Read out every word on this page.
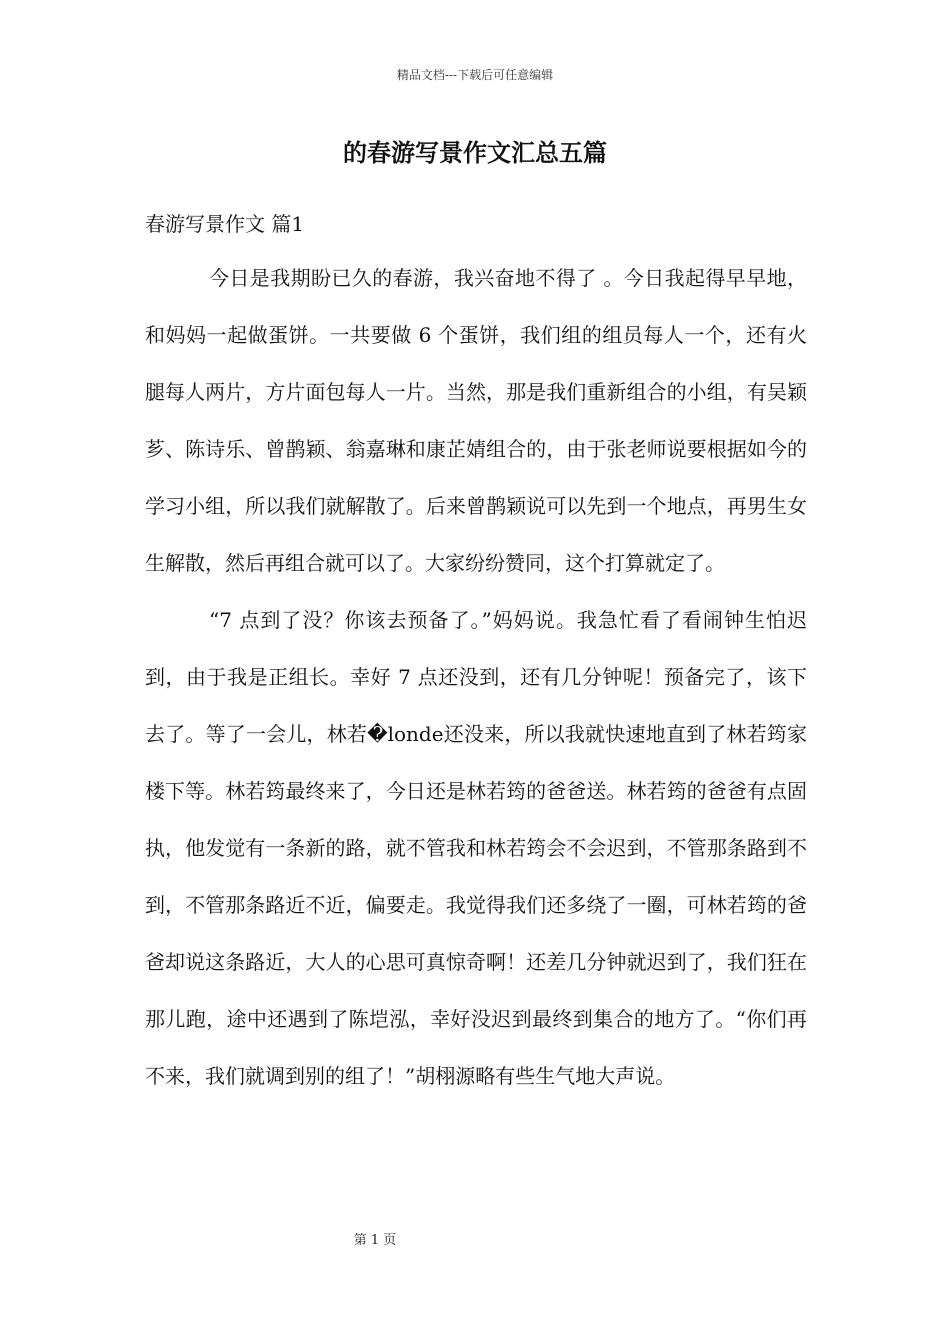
精品文档---下载后可任意编辑
的春游写景作文汇总五篇
春游写景作文 篇1

今日是我期盼已久的春游，我兴奋地不得了 。今日我起得早早地，和妈妈一起做蛋饼。一共要做 6 个蛋饼，我们组的组员每人一个，还有火腿每人两片，方片面包每人一片。当然，那是我们重新组合的小组，有吴颖芗、陈诗乐、曾鹊颖、翁嘉琳和康芷婧组合的，由于张老师说要根据如今的学习小组，所以我们就解散了。后来曾鹊颖说可以先到一个地点，再男生女生解散，然后再组合就可以了。大家纷纷赞同，这个打算就定了。

“7 点到了没？你该去预备了。”妈妈说。我急忙看了看闹钟生怕迟到，由于我是正组长。幸好 7 点还没到，还有几分钟呢！预备完了，该下去了。等了一会儿，林若�londe还没来，所以我就快速地直到了林若筠家楼下等。林若筠最终来了，今日还是林若筠的爸爸送。林若筠的爸爸有点固执，他发觉有一条新的路，就不管我和林若筠会不会迟到，不管那条路到不到，不管那条路近不近，偏要走。我觉得我们还多绕了一圈，可林若筠的爸爸却说这条路近，大人的心思可真惊奇啊！还差几分钟就迟到了，我们狂在那儿跑，途中还遇到了陈垲泓，幸好没迟到最终到集合的地方了。“你们再不来，我们就调到别的组了！”胡栩源略有些生气地大声说。

第 1 页
